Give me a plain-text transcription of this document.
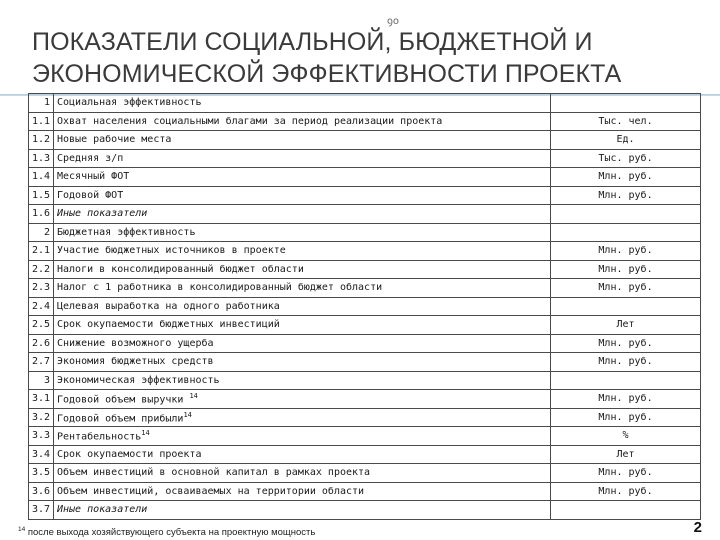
ꝯo
ПОКАЗАТЕЛИ СОЦИАЛЬНОЙ, БЮДЖЕТНОЙ И
ЭКОНОМИЧЕСКОЙ ЭФФЕКТИВНОСТИ ПРОЕКТА
1	Социальная эффективность	
1.1	Охват населения социальными благами за период реализации проекта	Тыс. чел.
1.2	Новые рабочие места	Ед.
1.3	Средняя з/п	Тыс. руб.
1.4	Месячный ФОТ	Млн. руб.
1.5	Годовой ФОТ	Млн. руб.
1.6	Иные показатели	
2	Бюджетная эффективность	
2.1	Участие бюджетных источников в проекте	Млн. руб.
2.2	Налоги в консолидированный бюджет области	Млн. руб.
2.3	Налог с 1 работника в консолидированный бюджет области	Млн. руб.
2.4	Целевая выработка на одного работника	
2.5	Срок окупаемости бюджетных инвестиций	Лет
2.6	Снижение возможного ущерба	Млн. руб.
2.7	Экономия бюджетных средств	Млн. руб.
3	Экономическая эффективность	
3.1	Годовой объем выручки $^{14}$	Млн. руб.
3.2	Годовой объем прибыли$^{14}$	Млн. руб.
3.3	Рентабельность$^{14}$	%
3.4	Срок окупаемости проекта	Лет
3.5	Объем инвестиций в основной капитал в рамках проекта	Млн. руб.
3.6	Объем инвестиций, осваиваемых на территории области	Млн. руб.
3.7	Иные показатели	
$^{14}$ после выхода хозяйствующего субъекта на проектную мощность	2
